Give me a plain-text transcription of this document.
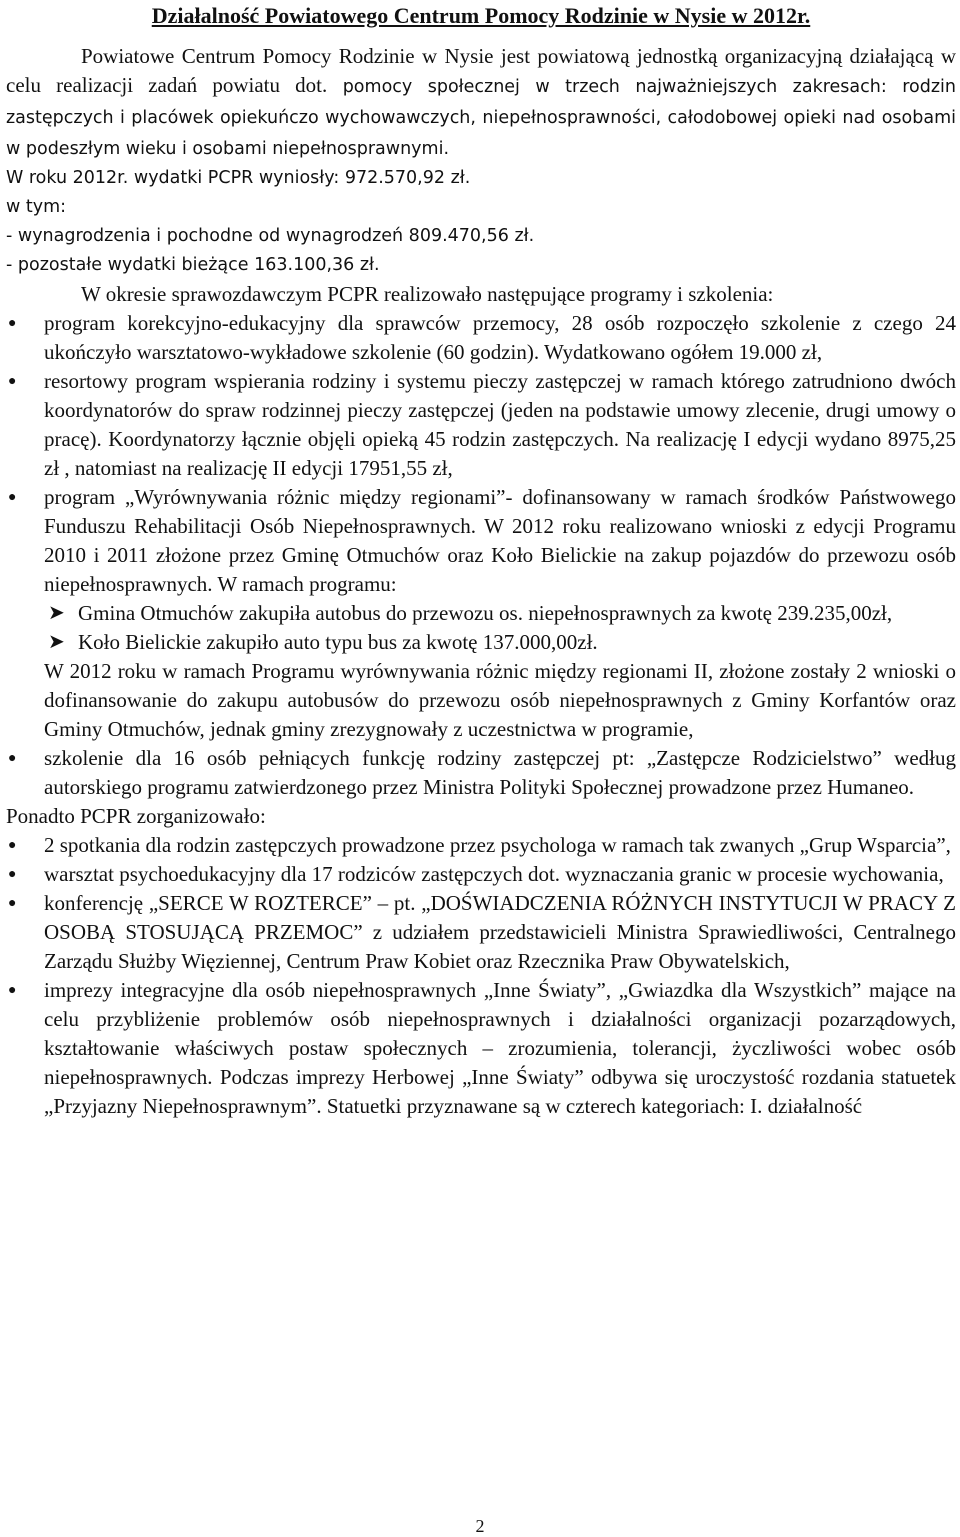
Działalność Powiatowego Centrum Pomocy Rodzinie w Nysie w 2012r.

Powiatowe Centrum Pomocy Rodzinie w Nysie jest powiatową jednostką organizacyjną działającą w celu realizacji zadań powiatu dot. pomocy społecznej w trzech najważniejszych zakresach: rodzin zastępczych i placówek opiekuńczo wychowawczych, niepełnosprawności, całodobowej opieki nad osobami w podeszłym wieku i osobami niepełnosprawnymi.

W roku 2012r. wydatki PCPR wyniosły: 972.570,92 zł.

w tym:

- wynagrodzenia i pochodne od wynagrodzeń 809.470,56 zł.

- pozostałe wydatki bieżące 163.100,36 zł.

W okresie sprawozdawczym PCPR realizowało następujące programy i szkolenia:

● program korekcyjno-edukacyjny dla sprawców przemocy, 28 osób rozpoczęło szkolenie z czego 24 ukończyło warsztatowo-wykładowe szkolenie (60 godzin). Wydatkowano ogółem 19.000 zł,
● resortowy program wspierania rodziny i systemu pieczy zastępczej w ramach którego zatrudniono dwóch koordynatorów do spraw rodzinnej pieczy zastępczej (jeden na podstawie umowy zlecenie, drugi umowy o pracę). Koordynatorzy łącznie objęli opieką 45 rodzin zastępczych. Na realizację I edycji wydano 8975,25 zł , natomiast na realizację II edycji 17951,55 zł,
● program „Wyrównywania różnic między regionami”- dofinansowany w ramach środków Państwowego Funduszu Rehabilitacji Osób Niepełnosprawnych. W 2012 roku realizowano wnioski z edycji Programu 2010 i 2011 złożone przez Gminę Otmuchów oraz Koło Bielickie na zakup pojazdów do przewozu osób niepełnosprawnych. W ramach programu:
➤ Gmina Otmuchów zakupiła autobus do przewozu os. niepełnosprawnych za kwotę 239.235,00zł,
➤ Koło Bielickie zakupiło auto typu bus za kwotę 137.000,00zł.

W 2012 roku w ramach Programu wyrównywania różnic między regionami II, złożone zostały 2 wnioski o dofinansowanie do zakupu autobusów do przewozu osób niepełnosprawnych z Gminy Korfantów oraz Gminy Otmuchów, jednak gminy zrezygnowały z uczestnictwa w programie,

● szkolenie dla 16 osób pełniących funkcję rodziny zastępczej pt: „Zastępcze Rodzicielstwo” według autorskiego programu zatwierdzonego przez Ministra Polityki Społecznej prowadzone przez Humaneo.

Ponadto PCPR zorganizowało:

● 2 spotkania dla rodzin zastępczych prowadzone przez psychologa w ramach tak zwanych „Grup Wsparcia”,
● warsztat psychoedukacyjny dla 17 rodziców zastępczych dot. wyznaczania granic w procesie wychowania,
● konferencję „SERCE W ROZTERCE” – pt. „DOŚWIADCZENIA RÓŻNYCH INSTYTUCJI W PRACY Z OSOBĄ STOSUJĄCĄ PRZEMOC” z udziałem przedstawicieli Ministra Sprawiedliwości, Centralnego Zarządu Służby Więziennej, Centrum Praw Kobiet oraz Rzecznika Praw Obywatelskich,
● imprezy integracyjne dla osób niepełnosprawnych „Inne Światy”, „Gwiazdka dla Wszystkich” mające na celu przybliżenie problemów osób niepełnosprawnych i działalności organizacji pozarządowych, kształtowanie właściwych postaw społecznych – zrozumienia, tolerancji, życzliwości wobec osób niepełnosprawnych. Podczas imprezy Herbowej „Inne Światy” odbywa się uroczystość rozdania statuetek „Przyjazny Niepełnosprawnym”. Statuetki przyznawane są w czterech kategoriach: I. działalność
2
